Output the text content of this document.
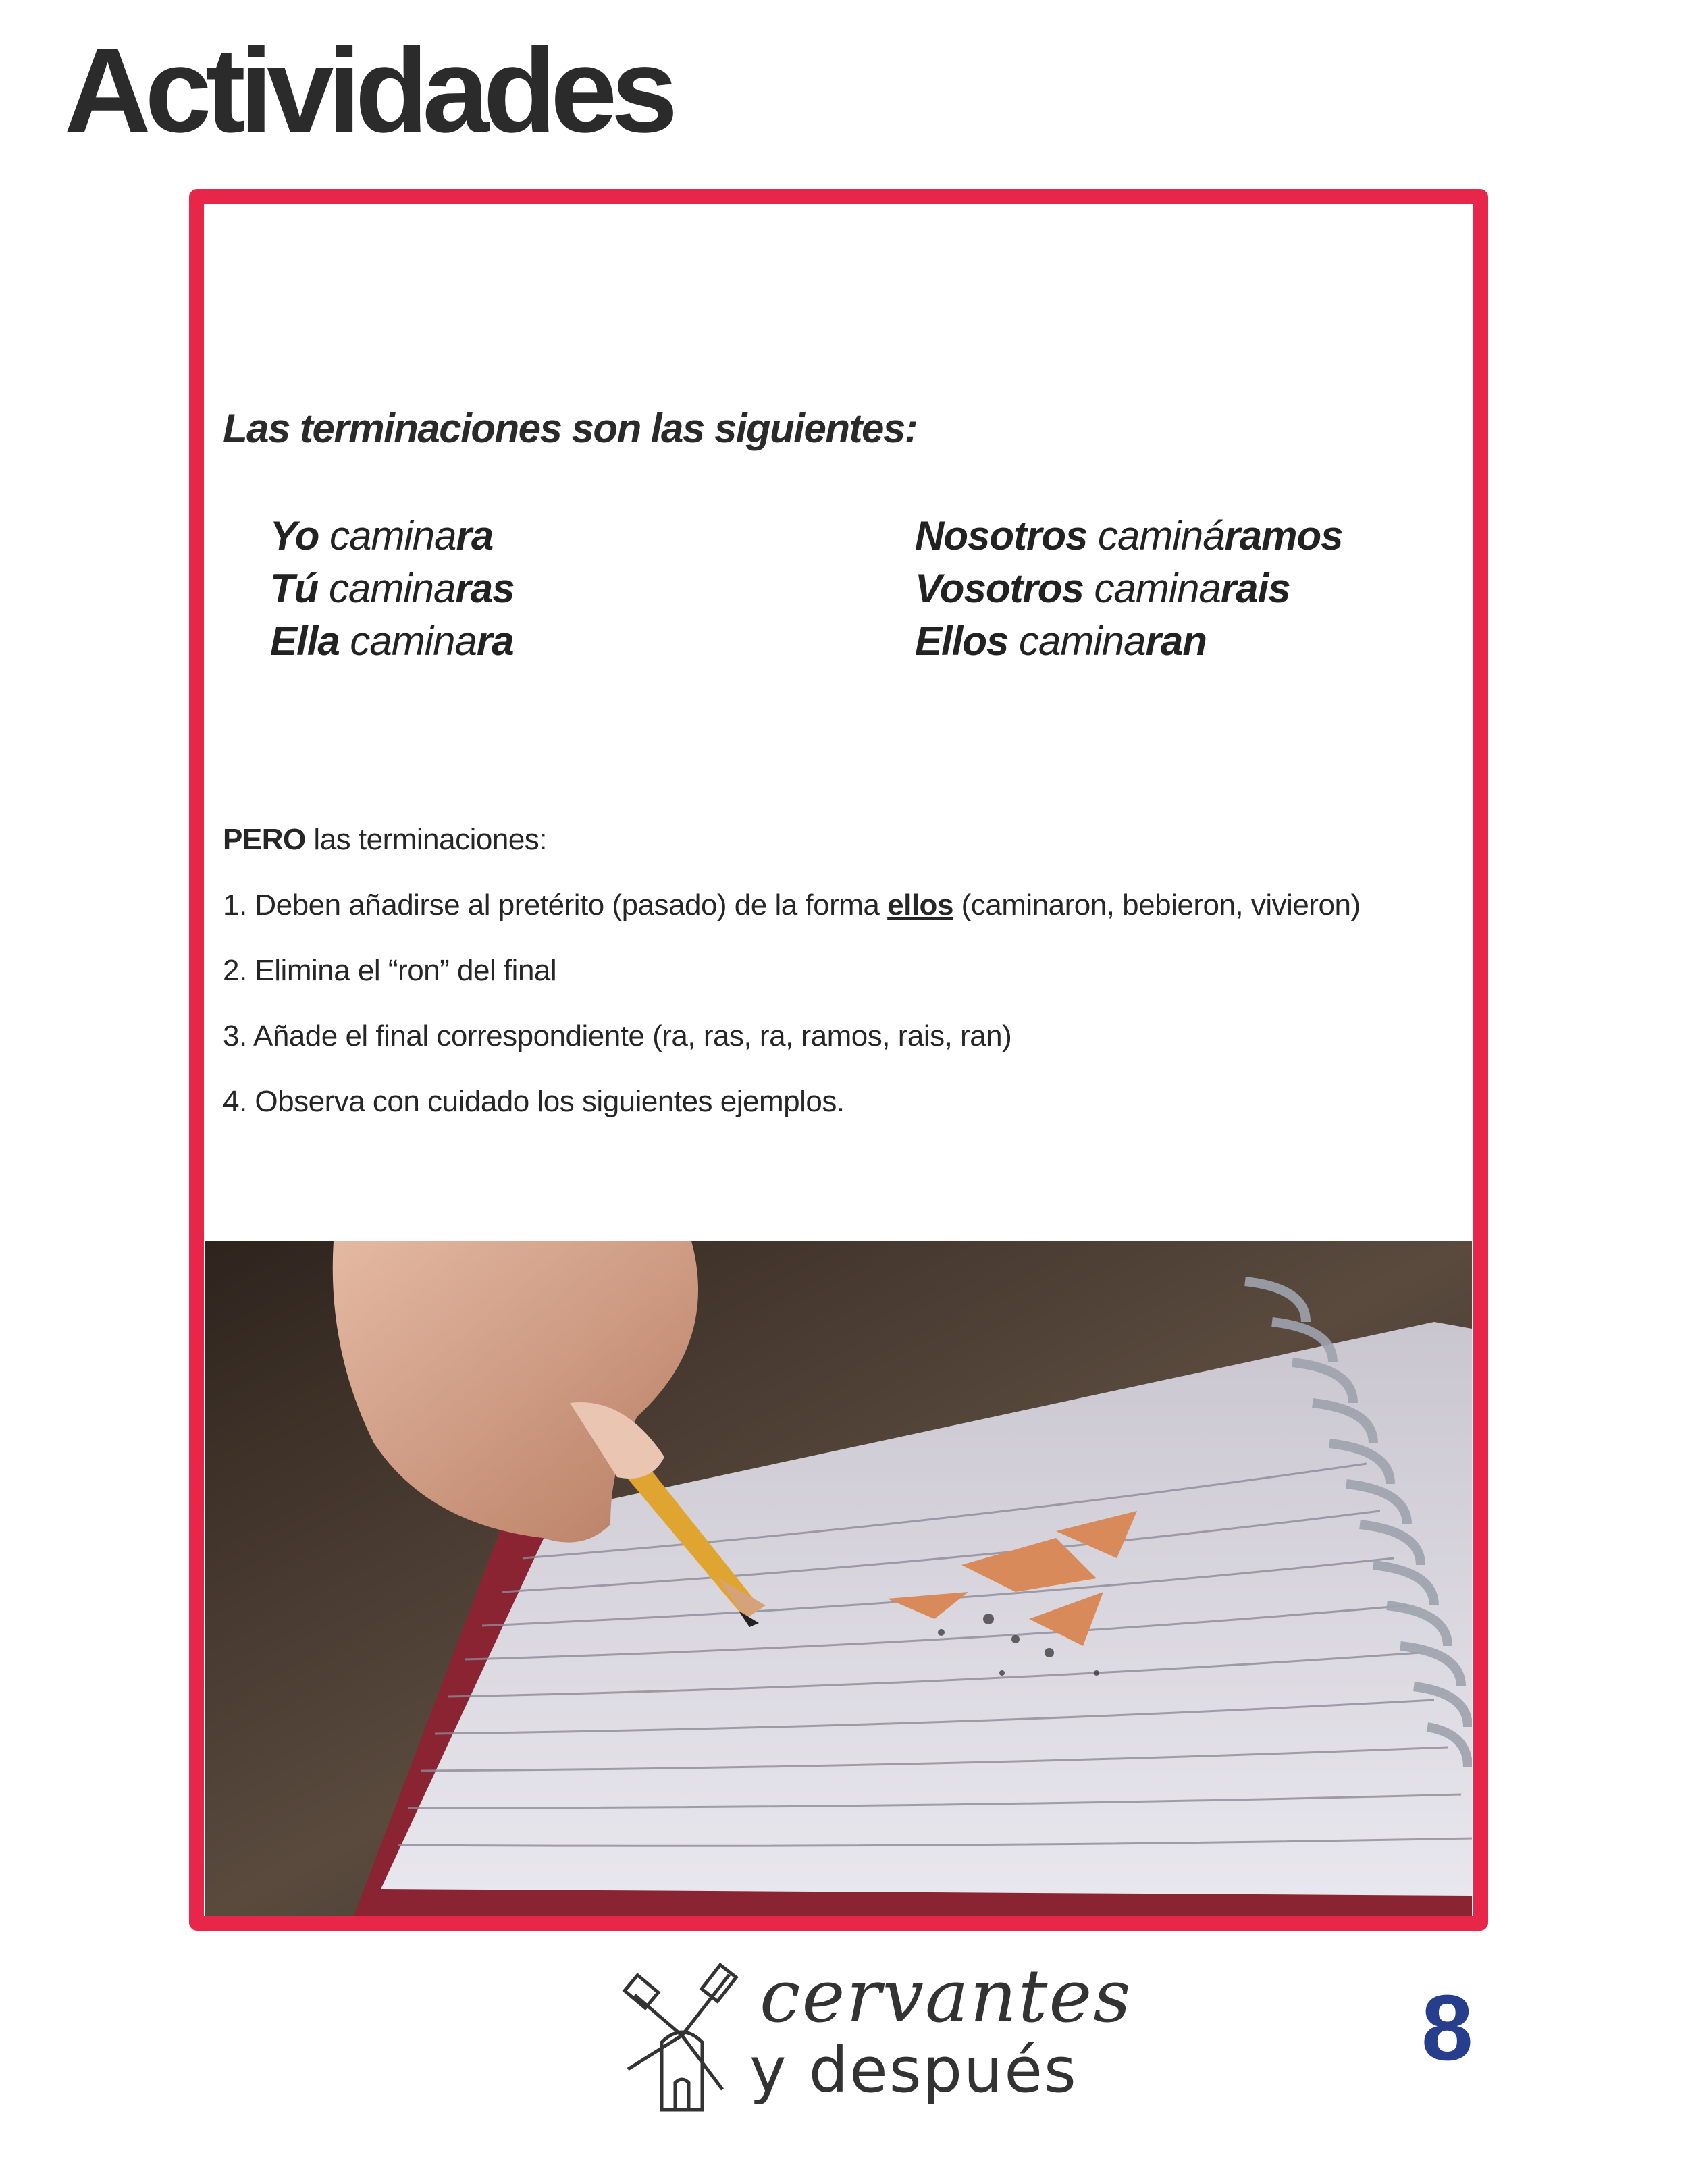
Actividades
Las terminaciones son las siguientes:
Yo caminara
Tú caminaras
Ella caminara
Nosotros camináramos
Vosotros caminarais
Ellos caminaran
PERO las terminaciones:
1. Deben añadirse al pretérito (pasado) de la forma ellos (caminaron, bebieron, vivieron)
2. Elimina el “ron” del final
3. Añade el final correspondiente (ra, ras, ra, ramos, rais, ran)
4. Observa con cuidado los siguientes ejemplos.
cervantes
y después	8
